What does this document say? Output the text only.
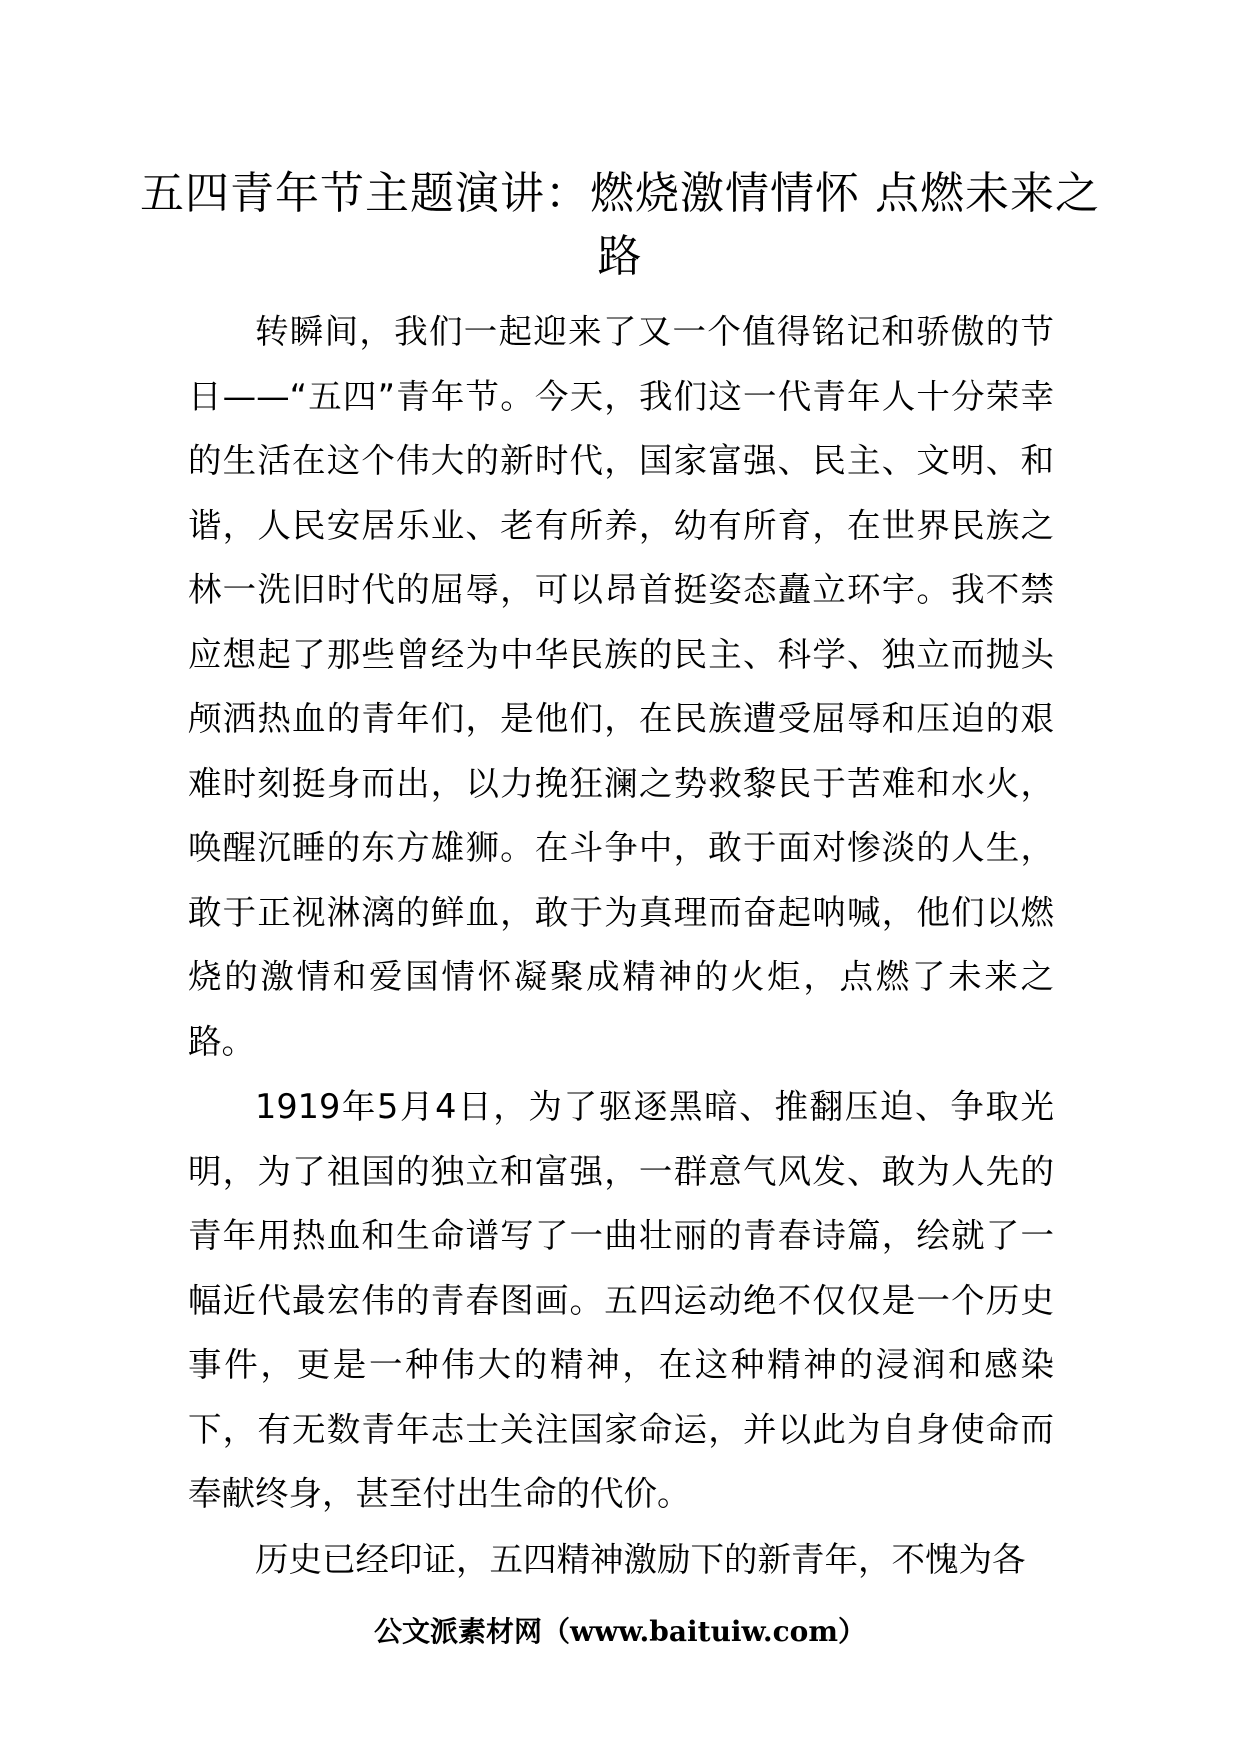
五四青年节主题演讲：燃烧激情情怀 点燃未来之路

转瞬间，我们一起迎来了又一个值得铭记和骄傲的节日——“五四”青年节。今天，我们这一代青年人十分荣幸的生活在这个伟大的新时代，国家富强、民主、文明、和谐，人民安居乐业、老有所养，幼有所育，在世界民族之林一洗旧时代的屈辱，可以昂首挺姿态矗立环宇。我不禁应想起了那些曾经为中华民族的民主、科学、独立而抛头颅洒热血的青年们，是他们，在民族遭受屈辱和压迫的艰难时刻挺身而出，以力挽狂澜之势救黎民于苦难和水火，唤醒沉睡的东方雄狮。在斗争中，敢于面对惨淡的人生，敢于正视淋漓的鲜血，敢于为真理而奋起呐喊，他们以燃烧的激情和爱国情怀凝聚成精神的火炬，点燃了未来之路。

1919年5月4日，为了驱逐黑暗、推翻压迫、争取光明，为了祖国的独立和富强，一群意气风发、敢为人先的青年用热血和生命谱写了一曲壮丽的青春诗篇，绘就了一幅近代最宏伟的青春图画。五四运动绝不仅仅是一个历史事件，更是一种伟大的精神，在这种精神的浸润和感染下，有无数青年志士关注国家命运，并以此为自身使命而奉献终身，甚至付出生命的代价。

历史已经印证，五四精神激励下的新青年，不愧为各

公文派素材网（www.baituiw.com）
